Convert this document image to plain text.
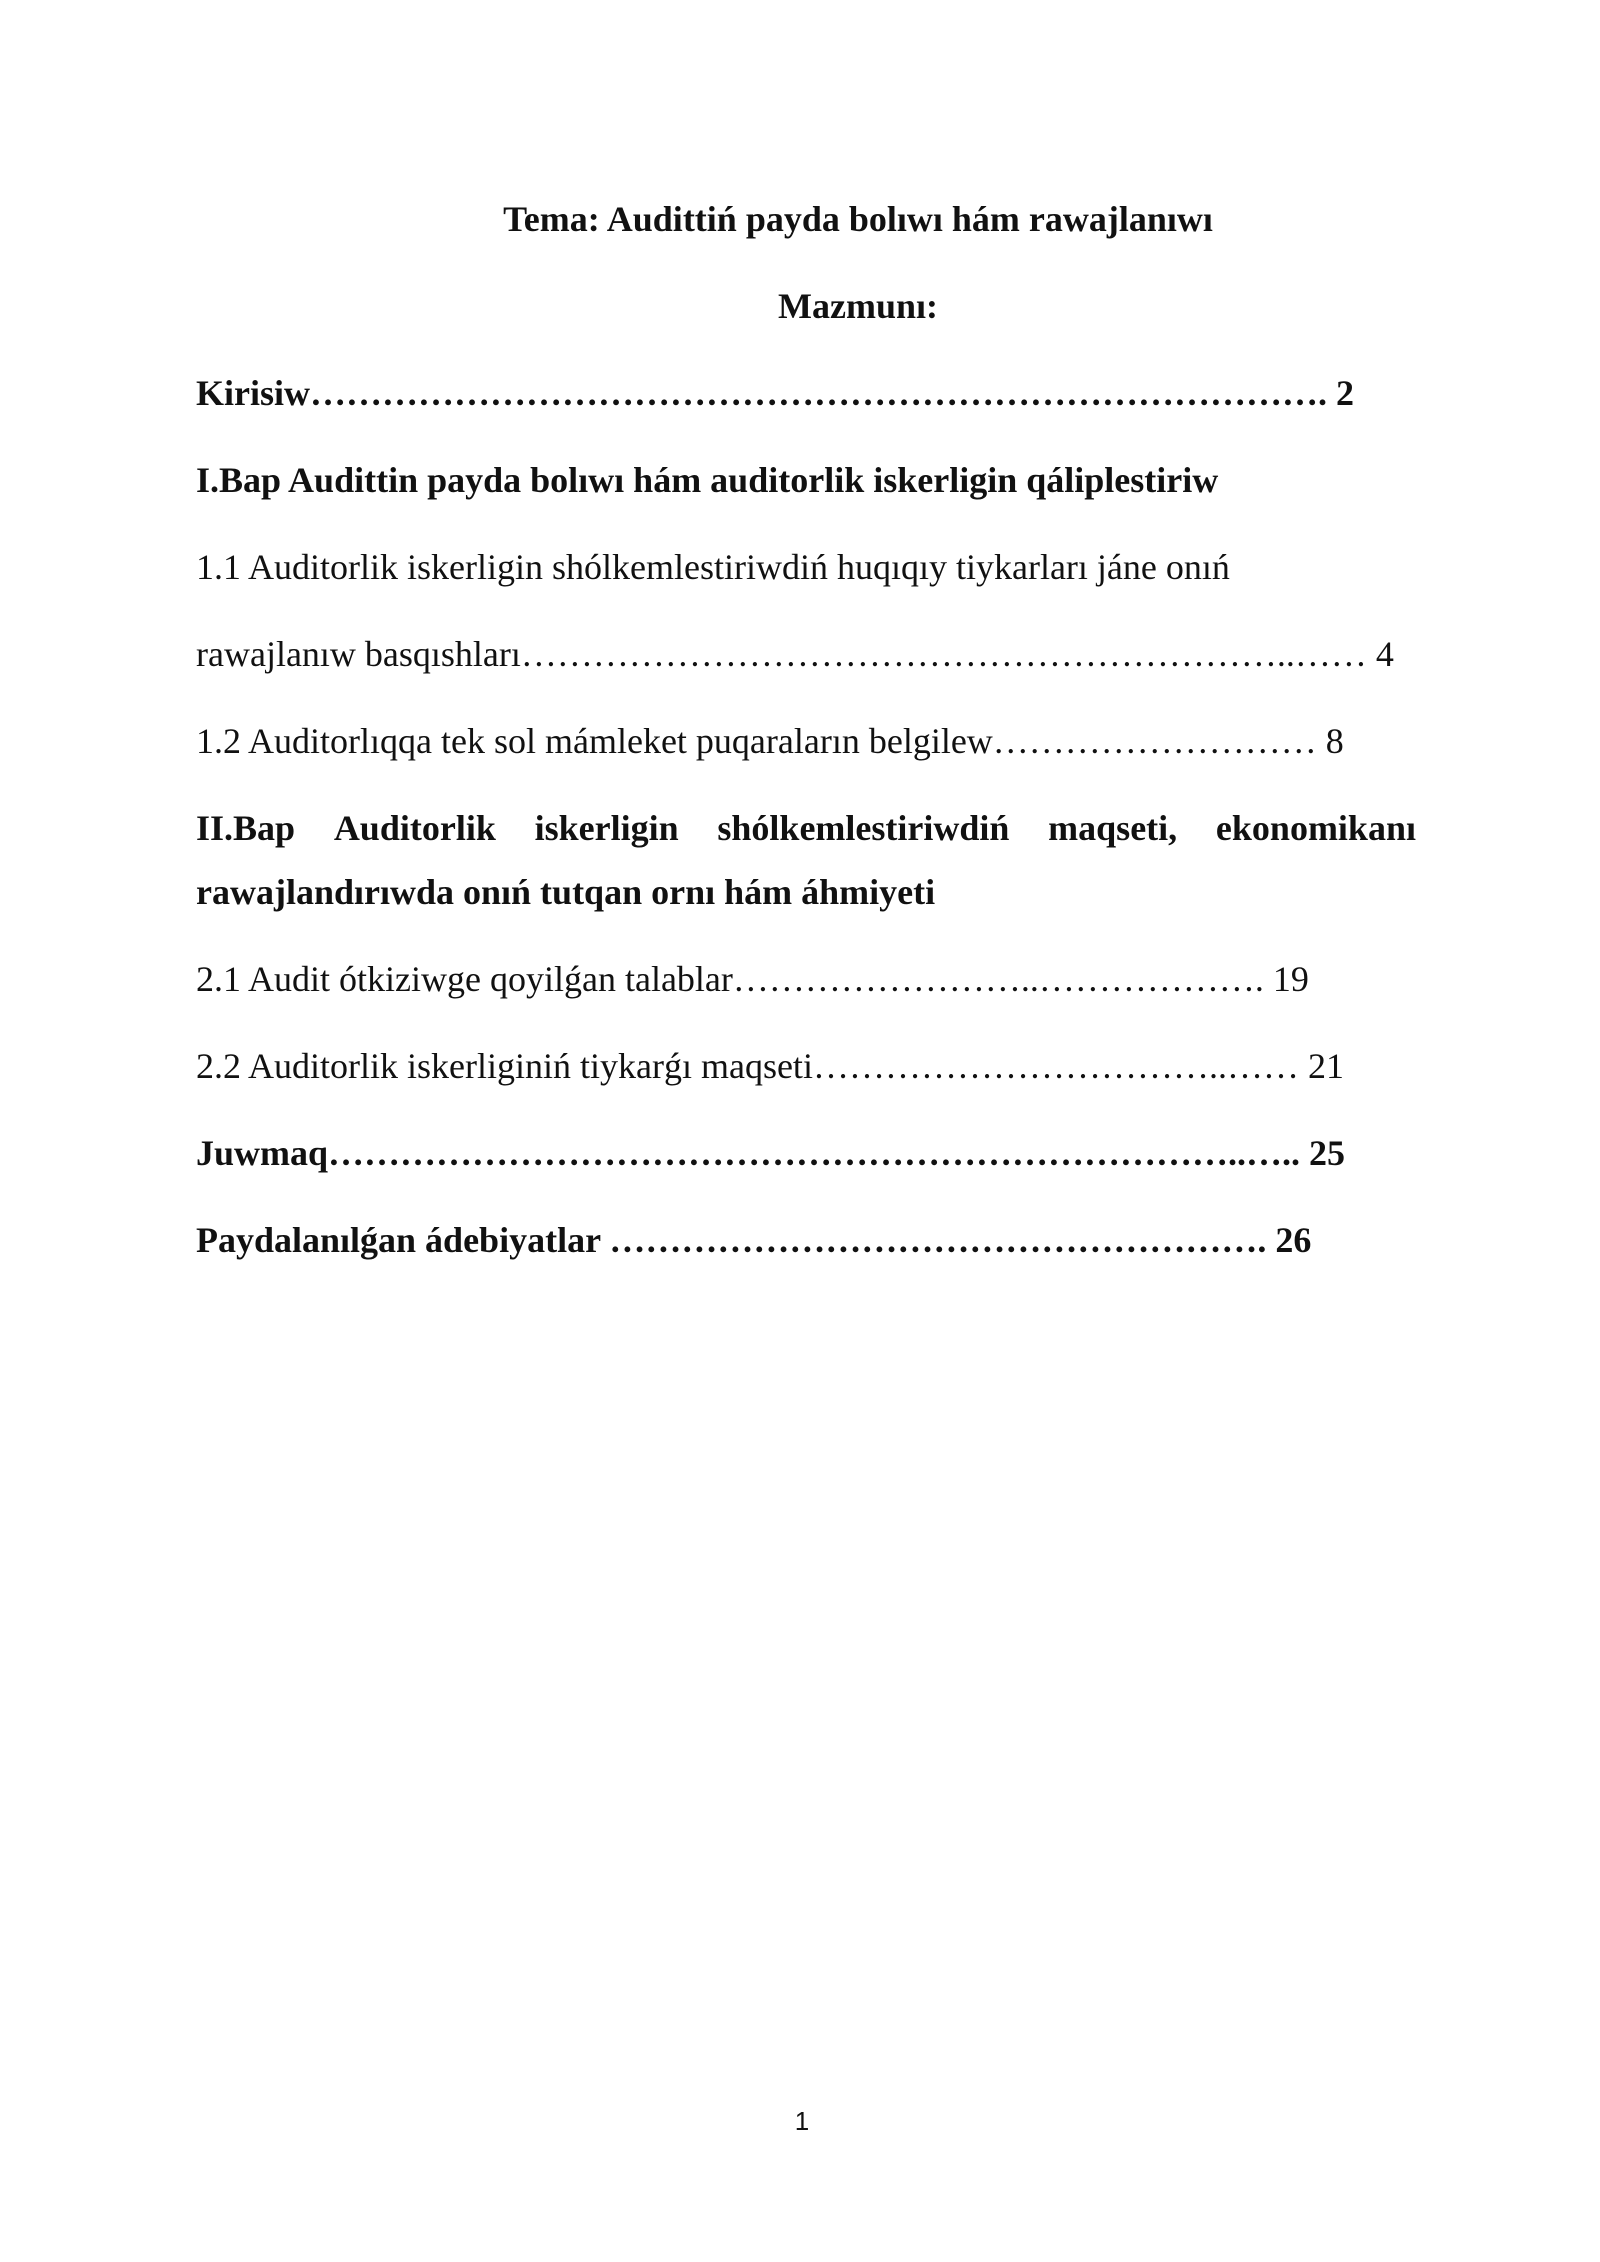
Tema: Audittiń payda bolıwı hám rawajlanıwı
Mazmunı:
Kirisiw…………………………………………………………………………. 2
I.Bap Audittin payda bolıwı hám auditorlik iskerligin qáliplestiriw
1.1 Auditorlik iskerligin shólkemlestiriwdiń huqıqıy tiykarları jáne onıń
rawajlanıw basqıshları………………………………………………………..…… 4
1.2 Auditorlıqqa tek sol mámleket puqaraların belgilew……………………… 8
II.Bap Auditorlik iskerligin shólkemlestiriwdiń maqseti, ekonomikanı
rawajlandırıwda onıń tutqan ornı hám áhmiyeti
2.1 Audit ótkiziwge qoyilǵan talablar……………………..………………. 19
2.2 Auditorlik iskerliginiń tiykarǵı maqseti……………………………..…… 21
Juwmaq…………………………………………………………………..….. 25
Paydalanılǵan ádebiyatlar ………………………………………………. 26
1
